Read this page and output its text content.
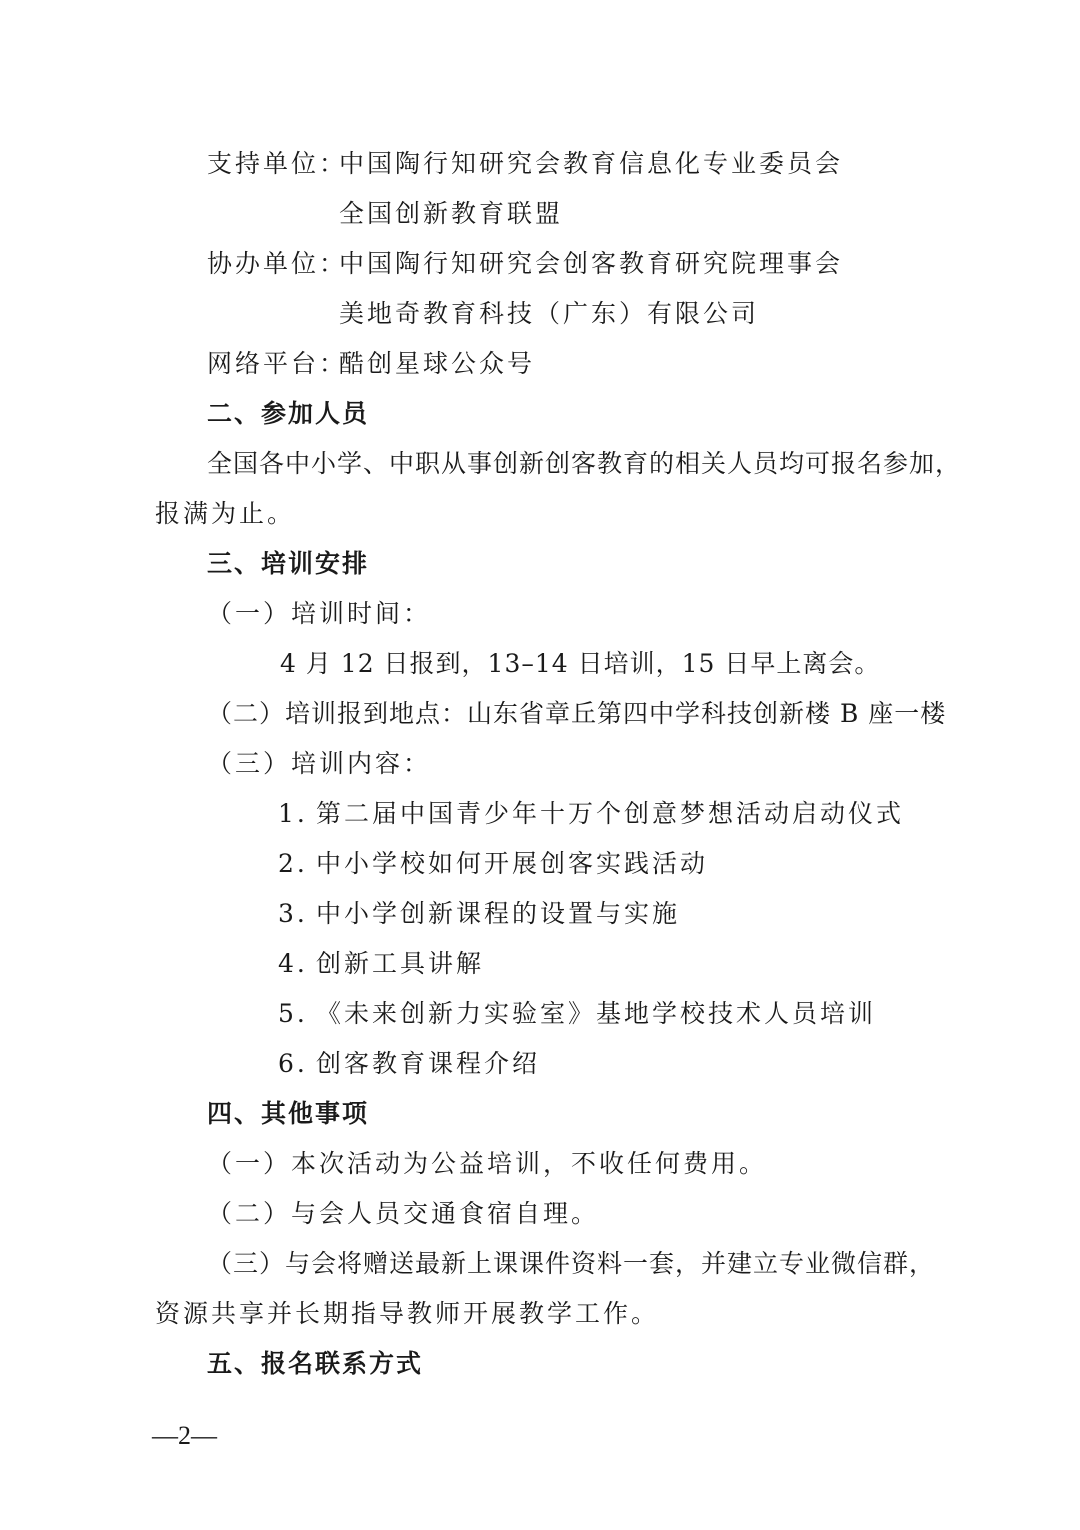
支持单位：中国陶行知研究会教育信息化专业委员会
全国创新教育联盟
协办单位：中国陶行知研究会创客教育研究院理事会
美地奇教育科技（广东）有限公司
网络平台：酷创星球公众号
二、参加人员
全国各中小学、中职从事创新创客教育的相关人员均可报名参加，
报满为止。
三、培训安排
（一）培训时间：
4 月 12 日报到，13–14 日培训，15 日早上离会。
（二）培训报到地点：山东省章丘第四中学科技创新楼 B 座一楼
（三）培训内容：
1. 第二届中国青少年十万个创意梦想活动启动仪式
2. 中小学校如何开展创客实践活动
3. 中小学创新课程的设置与实施
4. 创新工具讲解
5. 《未来创新力实验室》基地学校技术人员培训
6. 创客教育课程介绍
四、其他事项
（一）本次活动为公益培训，不收任何费用。
（二）与会人员交通食宿自理。
（三）与会将赠送最新上课课件资料一套，并建立专业微信群，
资源共享并长期指导教师开展教学工作。
五、报名联系方式
—2—
